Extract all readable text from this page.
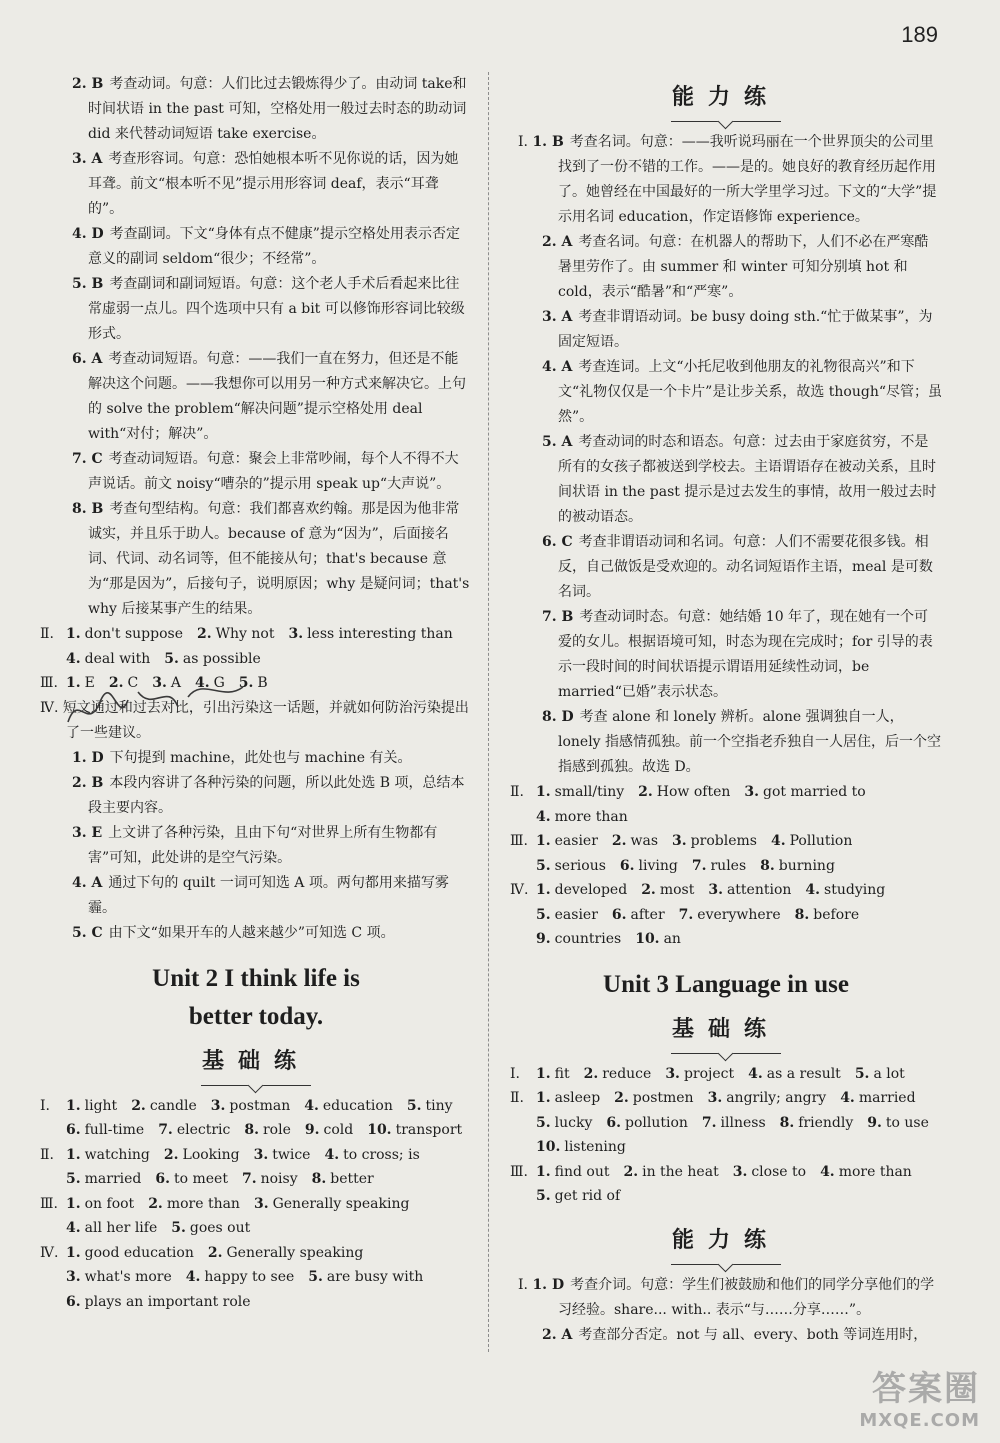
189

2. B 考查动词。句意：人们比过去锻炼得少了。由动词 take和时间状语 in the past 可知，空格处用一般过去时态的助动词 did 来代替动词短语 take exercise。

3. A 考查形容词。句意：恐怕她根本听不见你说的话，因为她耳聋。前文“根本听不见”提示用形容词 deaf，表示“耳聋的”。

4. D 考查副词。下文“身体有点不健康”提示空格处用表示否定意义的副词 seldom“很少；不经常”。

5. B 考查副词和副词短语。句意：这个老人手术后看起来比往常虚弱一点儿。四个选项中只有 a bit 可以修饰形容词比较级形式。

6. A 考查动词短语。句意：——我们一直在努力，但还是不能解决这个问题。——我想你可以用另一种方式来解决它。上句的 solve the problem“解决问题”提示空格处用 deal with“对付；解决”。

7. C 考查动词短语。句意：聚会上非常吵闹，每个人不得不大声说话。前文 noisy“嘈杂的”提示用 speak up“大声说”。

8. B 考查句型结构。句意：我们都喜欢约翰。那是因为他非常诚实，并且乐于助人。because of 意为“因为”，后面接名词、代词、动名词等，但不能接从句；that's because 意为“那是因为”，后接句子，说明原因；why 是疑问词；that's why 后接某事产生的结果。

Ⅱ. 1. don't suppose 2. Why not 3. less interesting than
4. deal with 5. as possible
Ⅲ. 1. E 2. C 3. A 4. G 5. B

Ⅳ. 短文通过和过去对比，引出污染这一话题，并就如何防治污染提出了一些建议。

1. D 下句提到 machine，此处也与 machine 有关。

2. B 本段内容讲了各种污染的问题，所以此处选 B 项，总结本段主要内容。

3. E 上文讲了各种污染，且由下句“对世界上所有生物都有害”可知，此处讲的是空气污染。

4. A 通过下句的 quilt 一词可知选 A 项。两句都用来描写雾霾。

5. C 由下文“如果开车的人越来越少”可知选 C 项。

Unit 2 I think life is
better today.
基础练
Ⅰ.	1. light 2. candle 3. postman 4. education 5. tiny
6. full-time 7. electric 8. role 9. cold 10. transport
Ⅱ. 1. watching 2. Looking 3. twice 4. to cross; is
5. married 6. to meet 7. noisy 8. better
Ⅲ. 1. on foot 2. more than 3. Generally speaking
4. all her life 5. goes out
Ⅳ. 1. good education 2. Generally speaking
3. what's more 4. happy to see 5. are busy with
6. plays an important role
能力练

Ⅰ. 1. B 考查名词。句意：——我听说玛丽在一个世界顶尖的公司里找到了一份不错的工作。——是的。她良好的教育经历起作用了。她曾经在中国最好的一所大学里学习过。下文的“大学”提示用名词 education，作定语修饰 experience。

2. A 考查名词。句意：在机器人的帮助下，人们不必在严寒酷暑里劳作了。由 summer 和 winter 可知分别填 hot 和 cold，表示“酷暑”和“严寒”。

3. A 考查非谓语动词。be busy doing sth.“忙于做某事”，为固定短语。

4. A 考查连词。上文“小托尼收到他朋友的礼物很高兴”和下文“礼物仅仅是一个卡片”是让步关系，故选 though“尽管；虽然”。

5. A 考查动词的时态和语态。句意：过去由于家庭贫穷，不是所有的女孩子都被送到学校去。主语谓语存在被动关系，且时间状语 in the past 提示是过去发生的事情，故用一般过去时的被动语态。

6. C 考查非谓语动词和名词。句意：人们不需要花很多钱。相反，自己做饭是受欢迎的。动名词短语作主语，meal 是可数名词。

7. B 考查动词时态。句意：她结婚 10 年了，现在她有一个可爱的女儿。根据语境可知，时态为现在完成时；for 引导的表示一段时间的时间状语提示谓语用延续性动词，be married“已婚”表示状态。

8. D 考查 alone 和 lonely 辨析。alone 强调独自一人，lonely 指感情孤独。前一个空指老乔独自一人居住，后一个空指感到孤独。故选 D。

Ⅱ. 1. small/tiny 2. How often 3. got married to
4. more than
Ⅲ. 1. easier 2. was 3. problems 4. Pollution
5. serious 6. living 7. rules 8. burning
Ⅳ. 1. developed 2. most 3. attention 4. studying
5. easier 6. after 7. everywhere 8. before
9. countries 10. an
Unit 3 Language in use
基础练
Ⅰ.	1. fit 2. reduce 3. project 4. as a result 5. a lot
Ⅱ. 1. asleep 2. postmen 3. angrily; angry 4. married
5. lucky 6. pollution 7. illness 8. friendly 9. to use
10. listening
Ⅲ. 1. find out 2. in the heat 3. close to 4. more than
5. get rid of
能力练

Ⅰ. 1. D 考查介词。句意：学生们被鼓励和他们的同学分享他们的学习经验。share... with.. 表示“与……分享……”。

2. A 考查部分否定。not 与 all、every、both 等词连用时，

答案圈
MXQE.COM
